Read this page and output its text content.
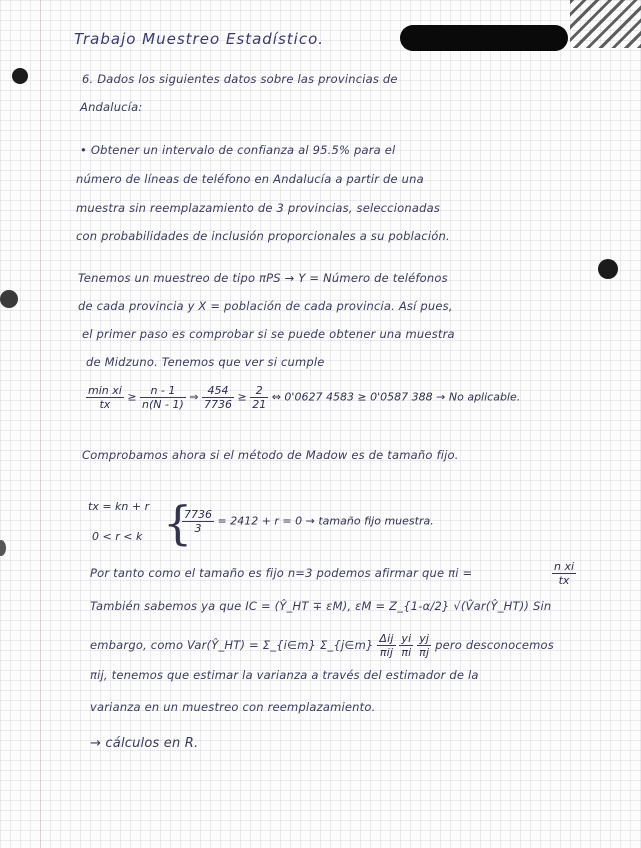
Trabajo Muestreo Estadístico.
6. Dados los siguientes datos sobre las provincias de
Andalucía:
• Obtener un intervalo de confianza al 95.5% para el
número de líneas de teléfono en Andalucía a partir de una
muestra sin reemplazamiento de 3 provincias, seleccionadas
con probabilidades de inclusión proporcionales a su población.
Tenemos un muestreo de tipo πPS → Y = Número de teléfonos
de cada provincia y X = población de cada provincia. Así pues,
el primer paso es comprobar si se puede obtener una muestra
de Midzuno. Tenemos que ver si cumple
$\frac{\text{min xi}}{tx} \ge \frac{n - 1}{n(N - 1)}$ ⇒ $\frac{454}{7736} \ge \frac{2}{21}$ ⇔ 0'0627 4583 ≥ 0'0587 388 → No aplicable.
Comprobamos ahora si el método de Madow es de tamaño fijo.
tx = kn + r
0 < r < k {
$\frac{7736}{3} = 2412 + r = 0$ → tamaño fijo muestra.
Por tanto como el tamaño es fijo n=3 podemos afirmar que πi =	$\frac{\text{n xi}}{tx}$
También sabemos ya que IC = (Ŷ_HT ∓ εM), εM = Z_{1-α/2} √(V̂ar(Ŷ_HT)) Sin
embargo, como Var(Ŷ_HT) = Σ_{i∈m} Σ_{j∈m} $\frac{\text{Δij}}{\text{πij}}$
$\frac{yi}{\pi i}$
$\frac{yj}{\pi j}$ pero desconocemos
πij, tenemos que estimar la varianza a través del estimador de la
varianza en un muestreo con reemplazamiento.
→ cálculos en R.
